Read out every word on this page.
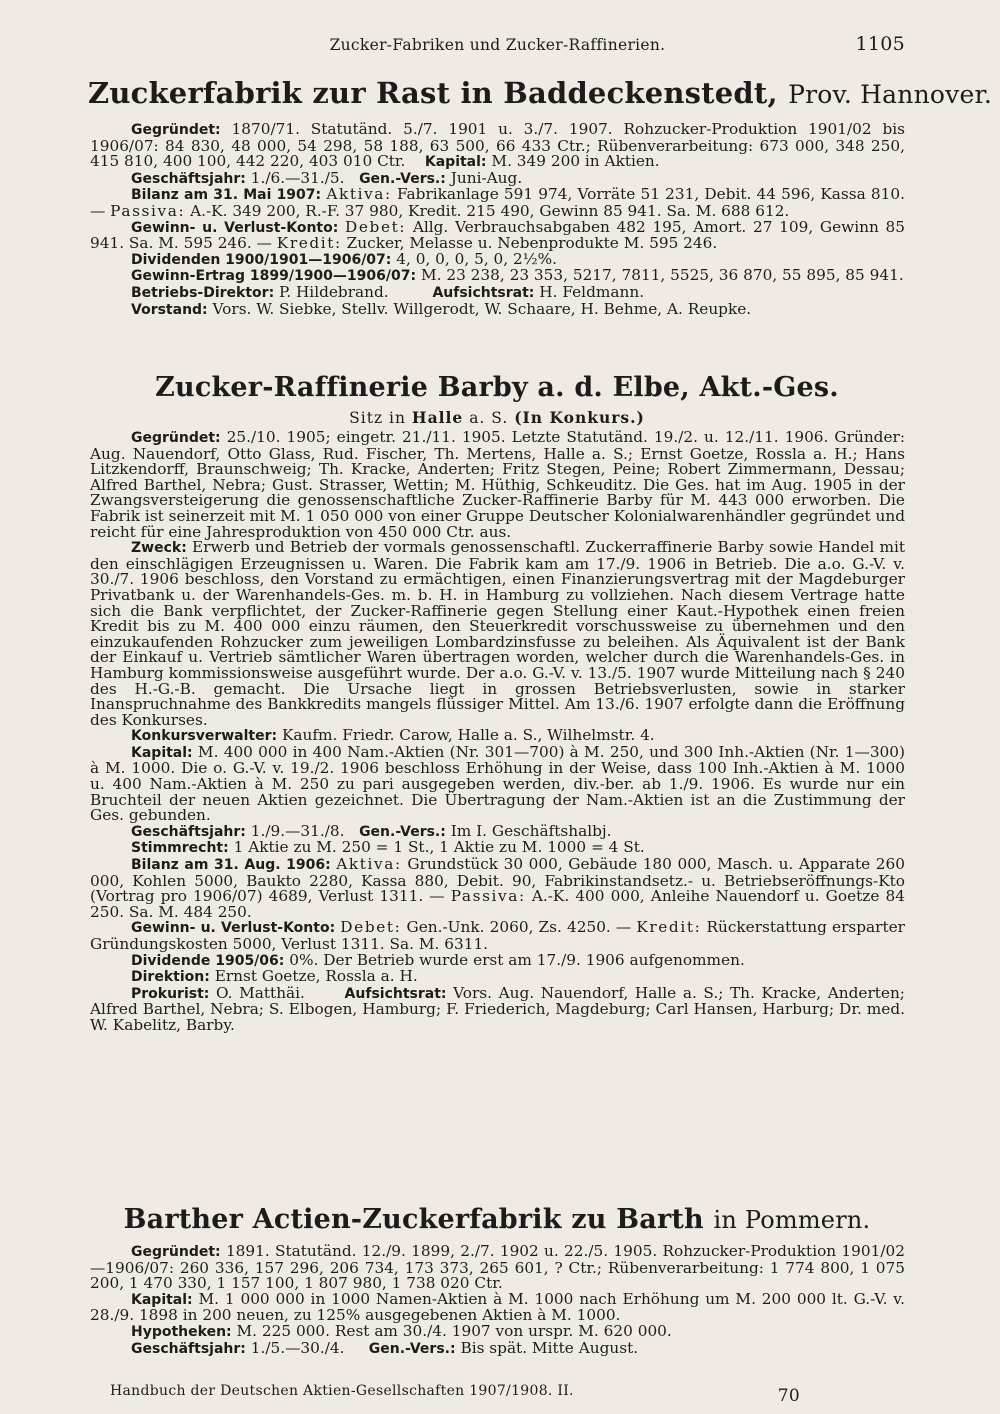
Zucker-Fabriken und Zucker-Raffinerien.	1105
Zuckerfabrik zur Rast in Baddeckenstedt, Prov. Hannover.

Gegründet: 1870/71. Statutänd. 5./7. 1901 u. 3./7. 1907. Rohzucker-Produktion 1901/02 bis 1906/07: 84 830, 48 000, 54 298, 58 188, 63 500, 66 433 Ctr.; Rübenverarbeitung: 673 000, 348 250, 415 810, 400 100, 442 220, 403 010 Ctr. Kapital: M. 349 200 in Aktien.

Geschäftsjahr: 1./6.—31./5. Gen.-Vers.: Juni-Aug.

Bilanz am 31. Mai 1907: Aktiva: Fabrikanlage 591 974, Vorräte 51 231, Debit. 44 596, Kassa 810. — Passiva: A.-K. 349 200, R.-F. 37 980, Kredit. 215 490, Gewinn 85 941. Sa. M. 688 612.

Gewinn- u. Verlust-Konto: Debet: Allg. Verbrauchsabgaben 482 195, Amort. 27 109, Gewinn 85 941. Sa. M. 595 246. — Kredit: Zucker, Melasse u. Nebenprodukte M. 595 246.

Dividenden 1900/1901—1906/07: 4, 0, 0, 0, 5, 0, 2½%.

Gewinn-Ertrag 1899/1900—1906/07: M. 23 238, 23 353, 5217, 7811, 5525, 36 870, 55 895, 85 941.

Betriebs-Direktor: P. Hildebrand.	Aufsichtsrat: H. Feldmann.

Vorstand: Vors. W. Siebke, Stellv. Willgerodt, W. Schaare, H. Behme, A. Reupke.

Zucker-Raffinerie Barby a. d. Elbe, Akt.-Ges.
Sitz in Halle a. S. (In Konkurs.)

Gegründet: 25./10. 1905; eingetr. 21./11. 1905. Letzte Statutänd. 19./2. u. 12./11. 1906. Gründer: Aug. Nauendorf, Otto Glass, Rud. Fischer, Th. Mertens, Halle a. S.; Ernst Goetze, Rossla a. H.; Hans Litzkendorff, Braunschweig; Th. Kracke, Anderten; Fritz Stegen, Peine; Robert Zimmermann, Dessau; Alfred Barthel, Nebra; Gust. Strasser, Wettin; M. Hüthig, Schkeuditz. Die Ges. hat im Aug. 1905 in der Zwangsversteigerung die genossenschaftliche Zucker-Raffinerie Barby für M. 443 000 erworben. Die Fabrik ist seinerzeit mit M. 1 050 000 von einer Gruppe Deutscher Kolonialwarenhändler gegründet und reicht für eine Jahresproduktion von 450 000 Ctr. aus.

Zweck: Erwerb und Betrieb der vormals genossenschaftl. Zuckerraffinerie Barby sowie Handel mit den einschlägigen Erzeugnissen u. Waren. Die Fabrik kam am 17./9. 1906 in Betrieb. Die a.o. G.-V. v. 30./7. 1906 beschloss, den Vorstand zu ermächtigen, einen Finanzierungsvertrag mit der Magdeburger Privatbank u. der Warenhandels-Ges. m. b. H. in Hamburg zu vollziehen. Nach diesem Vertrage hatte sich die Bank verpflichtet, der Zucker-Raffinerie gegen Stellung einer Kaut.-Hypothek einen freien Kredit bis zu M. 400 000 einzu räumen, den Steuerkredit vorschussweise zu übernehmen und den einzukaufenden Rohzucker zum jeweiligen Lombardzinsfusse zu beleihen. Als Äquivalent ist der Bank der Einkauf u. Vertrieb sämtlicher Waren übertragen worden, welcher durch die Warenhandels-Ges. in Hamburg kommissionsweise ausgeführt wurde. Der a.o. G.-V. v. 13./5. 1907 wurde Mitteilung nach § 240 des H.-G.-B. gemacht. Die Ursache liegt in grossen Betriebsverlusten, sowie in starker Inanspruchnahme des Bankkredits mangels flüssiger Mittel. Am 13./6. 1907 erfolgte dann die Eröffnung des Konkurses.

Konkursverwalter: Kaufm. Friedr. Carow, Halle a. S., Wilhelmstr. 4.

Kapital: M. 400 000 in 400 Nam.-Aktien (Nr. 301—700) à M. 250, und 300 Inh.-Aktien (Nr. 1—300) à M. 1000. Die o. G.-V. v. 19./2. 1906 beschloss Erhöhung in der Weise, dass 100 Inh.-Aktien à M. 1000 u. 400 Nam.-Aktien à M. 250 zu pari ausgegeben werden, div.-ber. ab 1./9. 1906. Es wurde nur ein Bruchteil der neuen Aktien gezeichnet. Die Übertragung der Nam.-Aktien ist an die Zustimmung der Ges. gebunden.

Geschäftsjahr: 1./9.—31./8. Gen.-Vers.: Im I. Geschäftshalbj.

Stimmrecht: 1 Aktie zu M. 250 = 1 St., 1 Aktie zu M. 1000 = 4 St.

Bilanz am 31. Aug. 1906: Aktiva: Grundstück 30 000, Gebäude 180 000, Masch. u. Apparate 260 000, Kohlen 5000, Baukto 2280, Kassa 880, Debit. 90, Fabrikinstandsetz.- u. Betriebseröffnungs-Kto (Vortrag pro 1906/07) 4689, Verlust 1311. — Passiva: A.-K. 400 000, Anleihe Nauendorf u. Goetze 84 250. Sa. M. 484 250.

Gewinn- u. Verlust-Konto: Debet: Gen.-Unk. 2060, Zs. 4250. — Kredit: Rückerstattung ersparter Gründungskosten 5000, Verlust 1311. Sa. M. 6311.

Dividende 1905/06: 0%. Der Betrieb wurde erst am 17./9. 1906 aufgenommen.

Direktion: Ernst Goetze, Rossla a. H.

Prokurist: O. Matthäi.	Aufsichtsrat: Vors. Aug. Nauendorf, Halle a. S.; Th. Kracke, Anderten; Alfred Barthel, Nebra; S. Elbogen, Hamburg; F. Friederich, Magdeburg; Carl Hansen, Harburg; Dr. med. W. Kabelitz, Barby.

Barther Actien-Zuckerfabrik zu Barth in Pommern.

Gegründet: 1891. Statutänd. 12./9. 1899, 2./7. 1902 u. 22./5. 1905. Rohzucker-Produktion 1901/02—1906/07: 260 336, 157 296, 206 734, 173 373, 265 601, ? Ctr.; Rübenverarbeitung: 1 774 800, 1 075 200, 1 470 330, 1 157 100, 1 807 980, 1 738 020 Ctr.

Kapital: M. 1 000 000 in 1000 Namen-Aktien à M. 1000 nach Erhöhung um M. 200 000 lt. G.-V. v. 28./9. 1898 in 200 neuen, zu 125% ausgegebenen Aktien à M. 1000.

Hypotheken: M. 225 000. Rest am 30./4. 1907 von urspr. M. 620 000.

Geschäftsjahr: 1./5.—30./4. Gen.-Vers.: Bis spät. Mitte August.

Handbuch der Deutschen Aktien-Gesellschaften 1907/1908. II.	70
